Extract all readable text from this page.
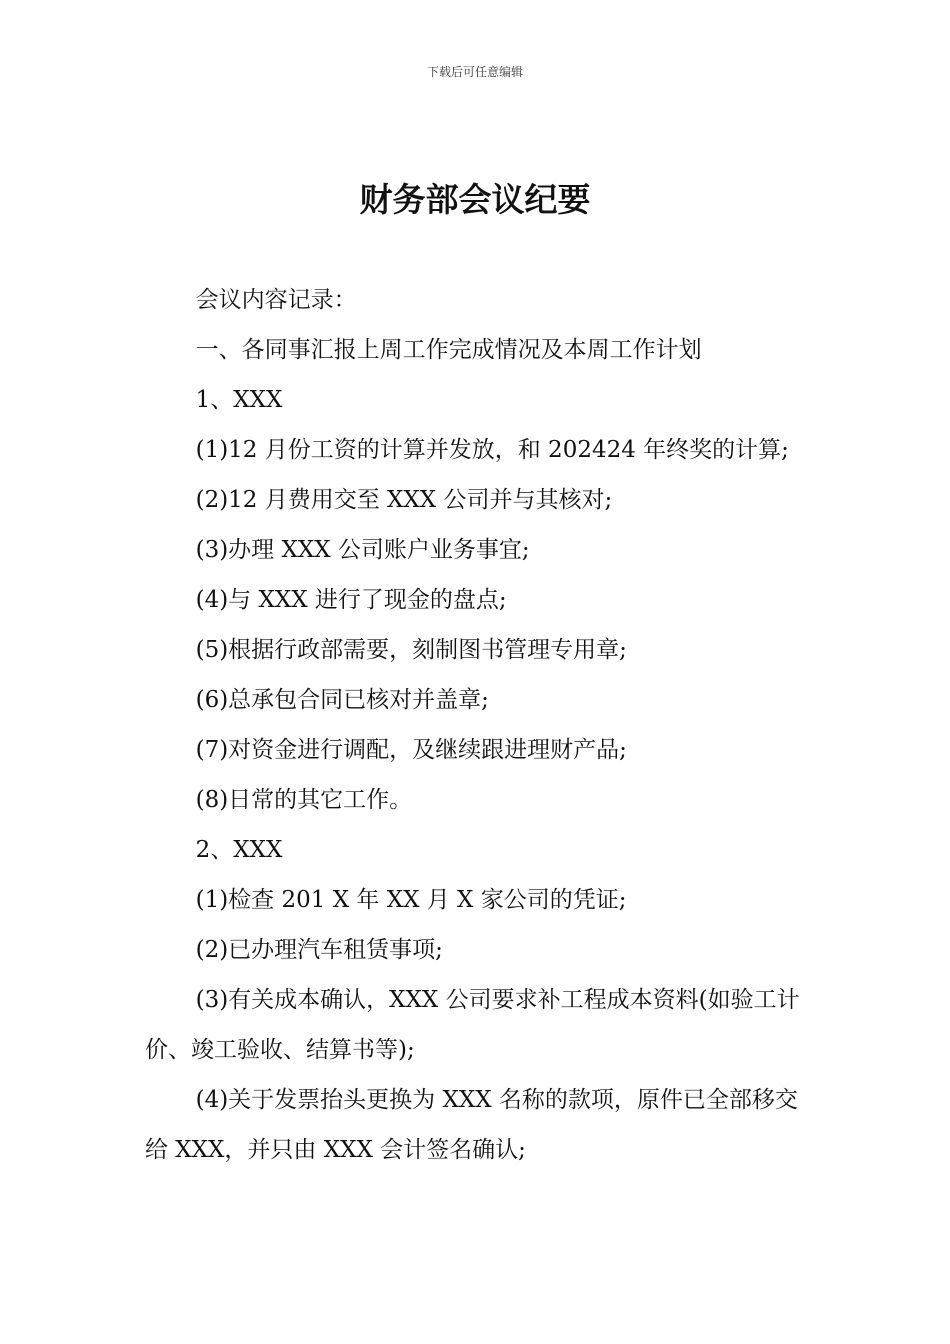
下载后可任意编辑
财务部会议纪要

会议内容记录：

一、各同事汇报上周工作完成情况及本周工作计划

1、XXX

(1)12 月份工资的计算并发放，和 202424 年终奖的计算;

(2)12 月费用交至 XXX 公司并与其核对;

(3)办理 XXX 公司账户业务事宜;

(4)与 XXX 进行了现金的盘点;

(5)根据行政部需要，刻制图书管理专用章;

(6)总承包合同已核对并盖章;

(7)对资金进行调配，及继续跟进理财产品;

(8)日常的其它工作。

2、XXX

(1)检查 201 X 年 XX 月 X 家公司的凭证;

(2)已办理汽车租赁事项;

(3)有关成本确认，XXX 公司要求补工程成本资料(如验工计价、竣工验收、结算书等);

(4)关于发票抬头更换为 XXX 名称的款项，原件已全部移交给 XXX，并只由 XXX 会计签名确认;
